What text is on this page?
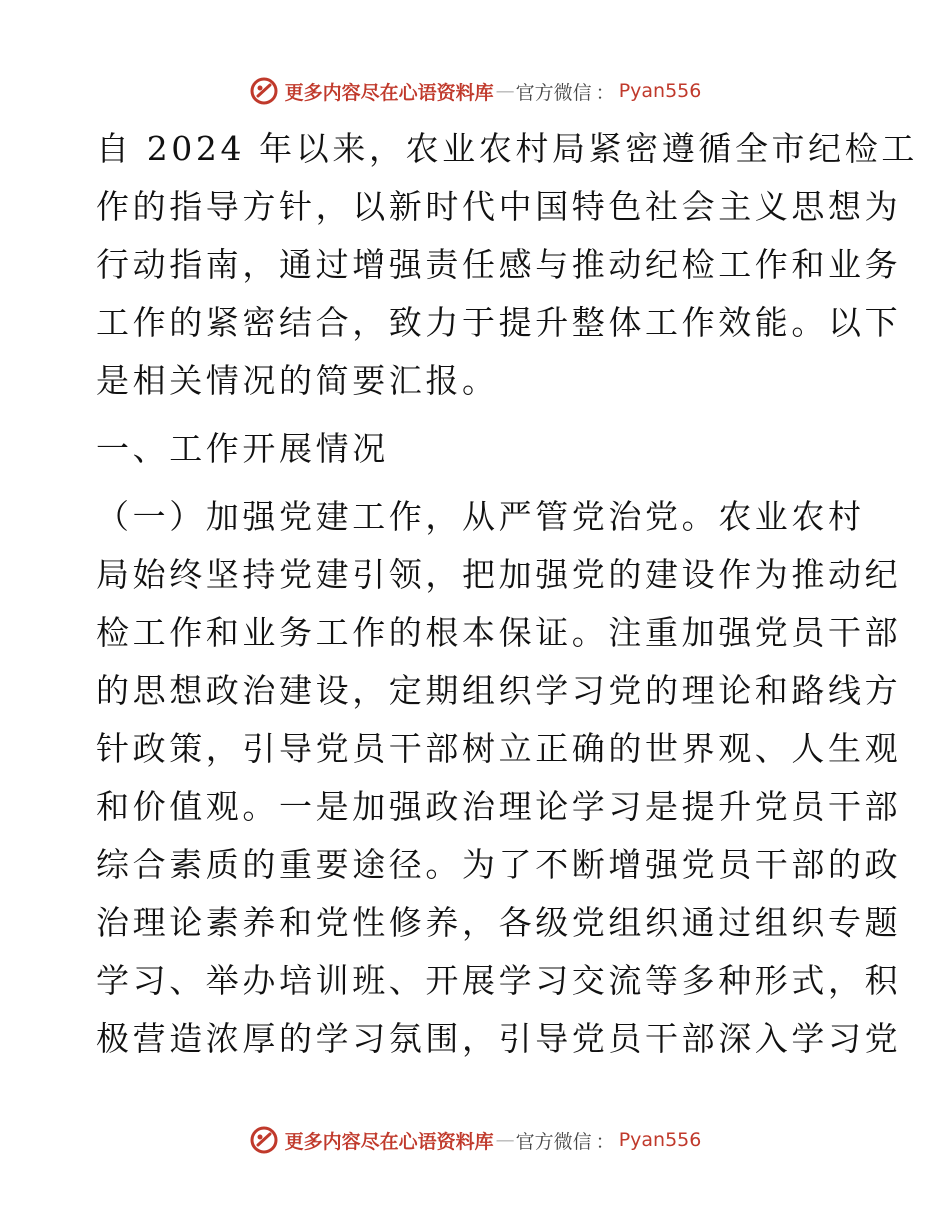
更多内容尽在心语资料库 — 官方微信 ： Pyan556
自 2024 年以来，农业农村局紧密遵循全市纪检工
作的指导方针，以新时代中国特色社会主义思想为
行动指南，通过增强责任感与推动纪检工作和业务
工作的紧密结合，致力于提升整体工作效能。以下
是相关情况的简要汇报。
一、工作开展情况
（一）加强党建工作，从严管党治党。农业农村
局始终坚持党建引领，把加强党的建设作为推动纪
检工作和业务工作的根本保证。注重加强党员干部
的思想政治建设，定期组织学习党的理论和路线方
针政策，引导党员干部树立正确的世界观、人生观
和价值观。一是加强政治理论学习是提升党员干部
综合素质的重要途径。为了不断增强党员干部的政
治理论素养和党性修养，各级党组织通过组织专题
学习、举办培训班、开展学习交流等多种形式，积
极营造浓厚的学习氛围，引导党员干部深入学习党
更多内容尽在心语资料库 — 官方微信 ： Pyan556
